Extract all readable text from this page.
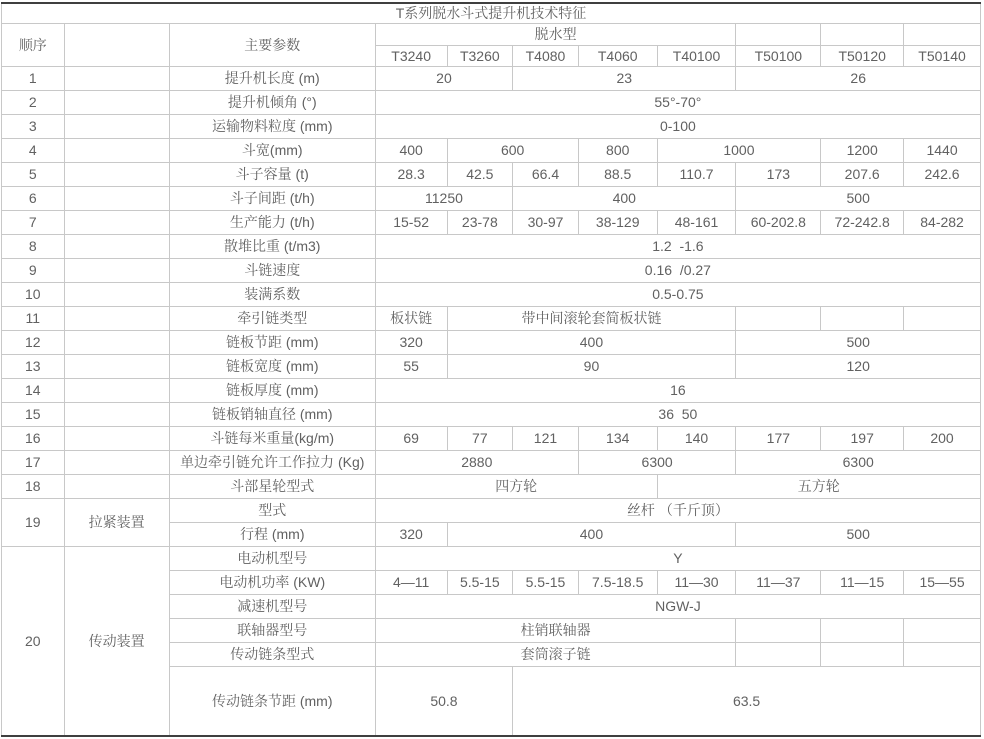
T系列脱水斗式提升机技术特征										
顺序		主要参数	脱水型							
			T3240	T3260	T4080	T4060	T40100	T50100	T50120	T50140
1		提升机长度 (m)	20		23			26		
2		提升机倾角 (°)	55°-70°							
3		运输物料粒度 (mm)	0-100							
4		斗宽(mm)	400	600		800	1000		1200	1440
5		斗子容量 (t)	28.3	42.5	66.4	88.5	110.7	173	207.6	242.6
6		斗子间距 (t/h)	11250		400			500		
7		生产能力 (t/h)	15-52	23-78	30-97	38-129	48-161	60-202.8	72-242.8	84-282
8		散堆比重 (t/m3)	1.2  -1.6							
9		斗链速度	0.16  /0.27							
10		装满系数	0.5-0.75							
11		牵引链类型	板状链	带中间滚轮套简板状链						
12		链板节距 (mm)	320	400				500		
13		链板宽度 (mm)	55	90				120		
14		链板厚度 (mm)	16							
15		链板销轴直径 (mm)	36  50							
16		斗链每米重量(kg/m)	69	77	121	134	140	177	197	200
17		单边牵引链允许工作拉力 (Kg)	2880			6300		6300		
18		斗部星轮型式	四方轮				五方轮			
19	拉紧装置	型式	丝杆 （千斤顶）							
		行程 (mm)	320	400				500		
20	传动装置	电动机型号	Y							
		电动机功率 (KW)	4—11	5.5-15	5.5-15	7.5-18.5	11—30	11—37	11—15	15—55
		减速机型号	NGW-J							
		联轴器型号	柱销联轴器							
		传动链条型式	套筒滚子链							
		传动链条节距 (mm)	50.8		63.5					
